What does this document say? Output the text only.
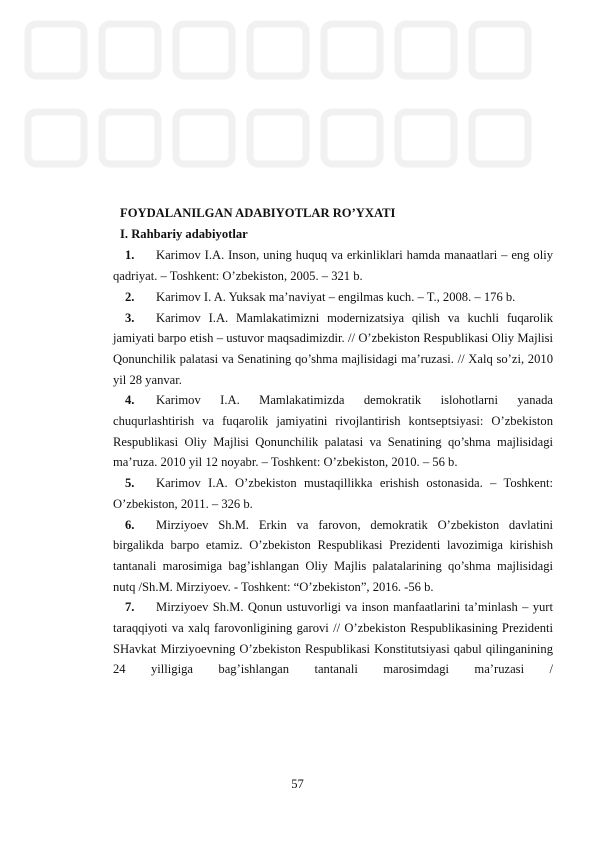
FOYDALANILGAN ADABIYOTLAR RO’YXATI

I. Rahbariy adabiyotlar

1. Karimov I.A. Inson, uning huquq va erkinliklari hamda manaatlari – eng oliy qadriyat. – Toshkent: O’zbekiston, 2005. – 321 b.

2. Karimov I. A. Yuksak ma’naviyat – engilmas kuch. – T., 2008. – 176 b.

3. Karimov I.A. Mamlakatimizni modernizatsiya qilish va kuchli fuqarolik jamiyati barpo etish – ustuvor maqsadimizdir. // O’zbekiston Respublikasi Oliy Majlisi Qonunchilik palatasi va Senatining qo’shma majlisidagi ma’ruzasi. // Xalq so’zi, 2010 yil 28 yanvar.

4. Karimov I.A. Mamlakatimizda demokratik islohotlarni yanada chuqurlashtirish va fuqarolik jamiyatini rivojlantirish kontseptsiyasi: O’zbekiston Respublikasi Oliy Majlisi Qonunchilik palatasi va Senatining qo’shma majlisidagi ma’ruza. 2010 yil 12 noyabr. – Toshkent: O’zbekiston, 2010. – 56 b.

5. Karimov I.A. O’zbekiston mustaqillikka erishish ostonasida. – Toshkent: O’zbekiston, 2011. – 326 b.

6. Mirziyoev Sh.M. Erkin va farovon, demokratik O’zbekiston davlatini birgalikda barpo etamiz. O’zbekiston Respublikasi Prezidenti lavozimiga kirishish tantanali marosimiga bag’ishlangan Oliy Majlis palatalarining qo’shma majlisidagi nutq /Sh.M. Mirziyoev. - Toshkent: “O’zbekiston”, 2016. -56 b.

7. Mirziyoev Sh.M. Qonun ustuvorligi va inson manfaatlarini ta’minlash – yurt taraqqiyoti va xalq farovonligining garovi // O’zbekiston Respublikasining Prezidenti SHavkat Mirziyoevning O’zbekiston Respublikasi Konstitutsiyasi qabul qilinganining 24 yilligiga bag’ishlangan tantanali marosimdagi ma’ruzasi /

57
